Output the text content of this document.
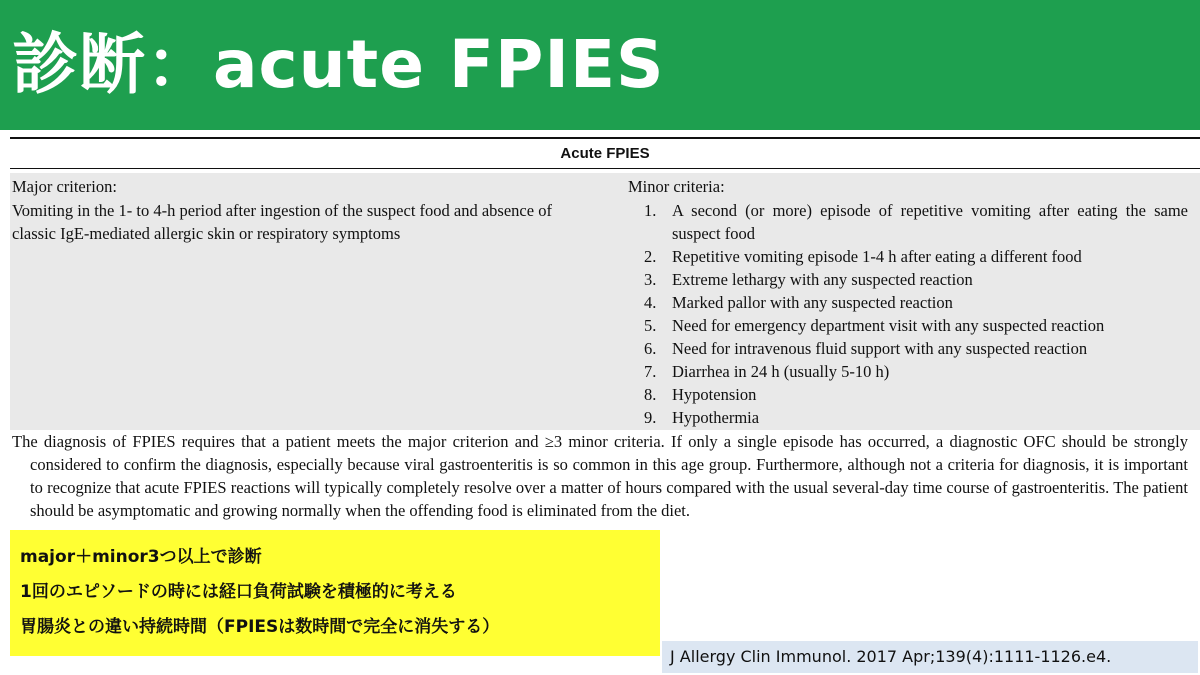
診断：acute FPIES
Acute FPIES
Major criterion:
Vomiting in the 1- to 4-h period after ingestion of the suspect food and absence of classic IgE-mediated allergic skin or respiratory symptoms
Minor criteria:
1. A second (or more) episode of repetitive vomiting after eating the same suspect food
2. Repetitive vomiting episode 1-4 h after eating a different food
3. Extreme lethargy with any suspected reaction
4. Marked pallor with any suspected reaction
5. Need for emergency department visit with any suspected reaction
6. Need for intravenous fluid support with any suspected reaction
7. Diarrhea in 24 h (usually 5-10 h)
8. Hypotension
9. Hypothermia

The diagnosis of FPIES requires that a patient meets the major criterion and ≥3 minor criteria. If only a single episode has occurred, a diagnostic OFC should be strongly considered to confirm the diagnosis, especially because viral gastroenteritis is so common in this age group. Furthermore, although not a criteria for diagnosis, it is important to recognize that acute FPIES reactions will typically completely resolve over a matter of hours compared with the usual several-day time course of gastroenteritis. The patient should be asymptomatic and growing normally when the offending food is eliminated from the diet.

major＋minor3つ以上で診断
1回のエピソードの時には経口負荷試験を積極的に考える
胃腸炎との違い持続時間（FPIESは数時間で完全に消失する）
J Allergy Clin Immunol. 2017 Apr;139(4):1111-1126.e4.
